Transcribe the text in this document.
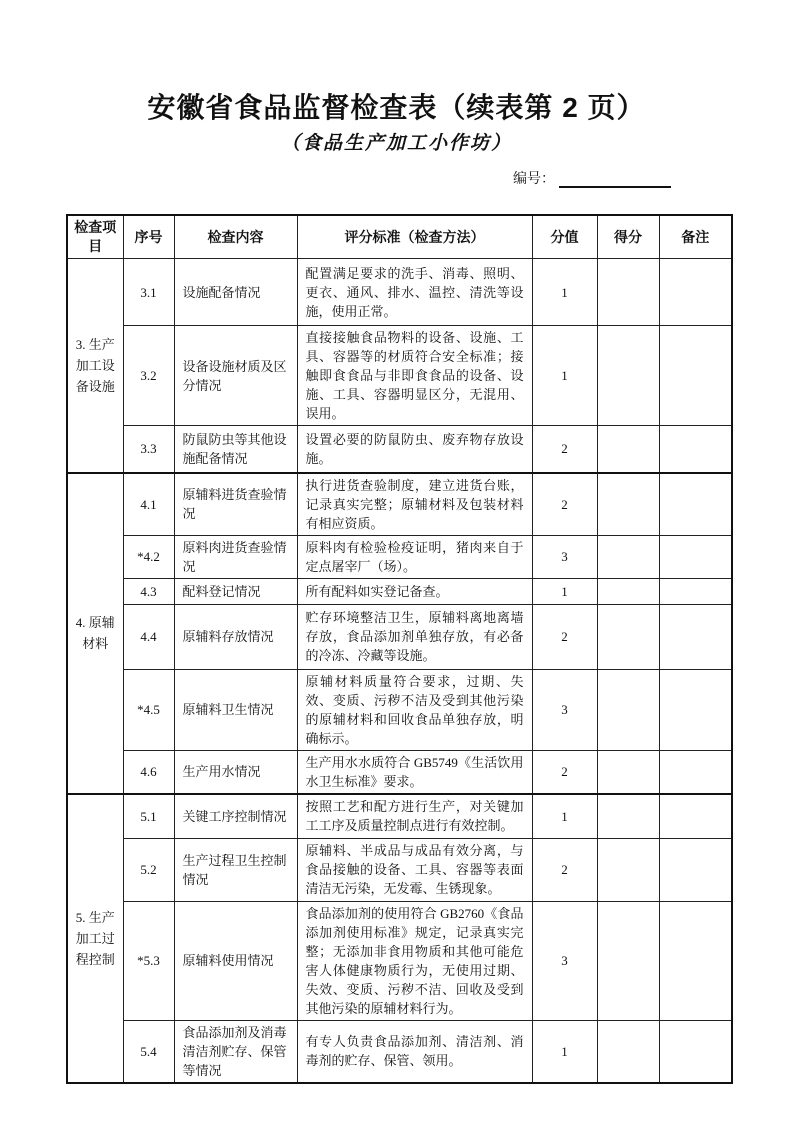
安徽省食品监督检查表（续表第 2 页）
（食品生产加工小作坊）
编号：
检查项目	序号	检查内容	评分标准（检查方法）	分值	得分	备注
3. 生产加工设备设施	3.1	设施配备情况	配置满足要求的洗手、消毒、照明、更衣、通风、排水、温控、清洗等设施，使用正常。	1		
	3.2	设备设施材质及区分情况	直接接触食品物料的设备、设施、工具、容器等的材质符合安全标准；接触即食食品与非即食食品的设备、设施、工具、容器明显区分，无混用、误用。	1		
	3.3	防鼠防虫等其他设施配备情况	设置必要的防鼠防虫、废弃物存放设施。	2		
4. 原辅材料	4.1	原辅料进货查验情况	执行进货查验制度，建立进货台账，记录真实完整；原辅材料及包装材料有相应资质。	2		
	*4.2	原料肉进货查验情况	原料肉有检验检疫证明，猪肉来自于定点屠宰厂（场）。	3		
	4.3	配料登记情况	所有配料如实登记备查。	1		
	4.4	原辅料存放情况	贮存环境整洁卫生，原辅料离地离墙存放，食品添加剂单独存放，有必备的冷冻、冷藏等设施。	2		
	*4.5	原辅料卫生情况	原辅材料质量符合要求，过期、失效、变质、污秽不洁及受到其他污染的原辅材料和回收食品单独存放，明确标示。	3		
	4.6	生产用水情况	生产用水水质符合 GB5749《生活饮用水卫生标准》要求。	2		
5. 生产加工过程控制	5.1	关键工序控制情况	按照工艺和配方进行生产，对关键加工工序及质量控制点进行有效控制。	1		
	5.2	生产过程卫生控制情况	原辅料、半成品与成品有效分离，与食品接触的设备、工具、容器等表面清洁无污染，无发霉、生锈现象。	2		
	*5.3	原辅料使用情况	食品添加剂的使用符合 GB2760《食品添加剂使用标准》规定，记录真实完整；无添加非食用物质和其他可能危害人体健康物质行为，无使用过期、失效、变质、污秽不洁、回收及受到其他污染的原辅材料行为。	3		
	5.4	食品添加剂及消毒清洁剂贮存、保管等情况	有专人负责食品添加剂、清洁剂、消毒剂的贮存、保管、领用。	1		
